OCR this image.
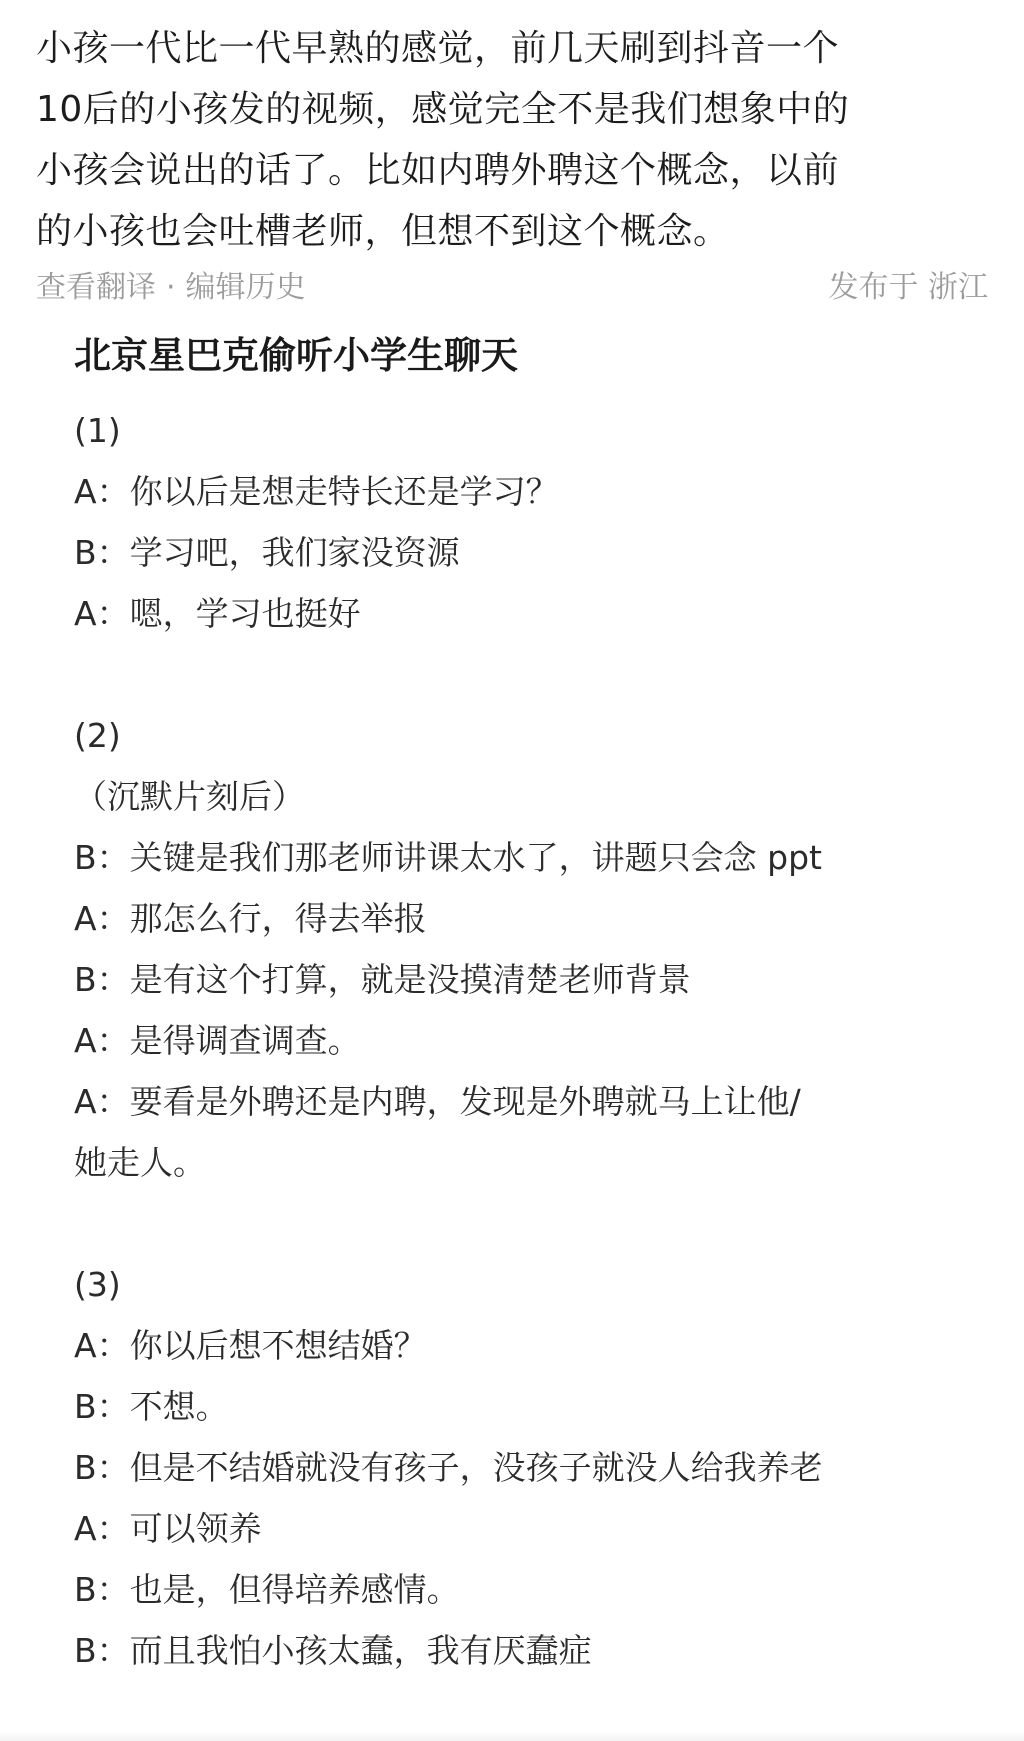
小孩一代比一代早熟的感觉，前几天刷到抖音一个
10后的小孩发的视频，感觉完全不是我们想象中的
小孩会说出的话了。比如内聘外聘这个概念，以前
的小孩也会吐槽老师，但想不到这个概念。
查看翻译 · 编辑历史	发布于 浙江
北京星巴克偷听小学生聊天
(1)
A：你以后是想走特长还是学习？
B：学习吧，我们家没资源
A：嗯，学习也挺好
(2)
（沉默片刻后）
B：关键是我们那老师讲课太水了，讲题只会念 ppt
A：那怎么行，得去举报
B：是有这个打算，就是没摸清楚老师背景
A：是得调查调查。
A：要看是外聘还是内聘，发现是外聘就马上让他/
她走人。
(3)
A：你以后想不想结婚？
B：不想。
B：但是不结婚就没有孩子，没孩子就没人给我养老
A：可以领养
B：也是，但得培养感情。
B：而且我怕小孩太蠢，我有厌蠢症
